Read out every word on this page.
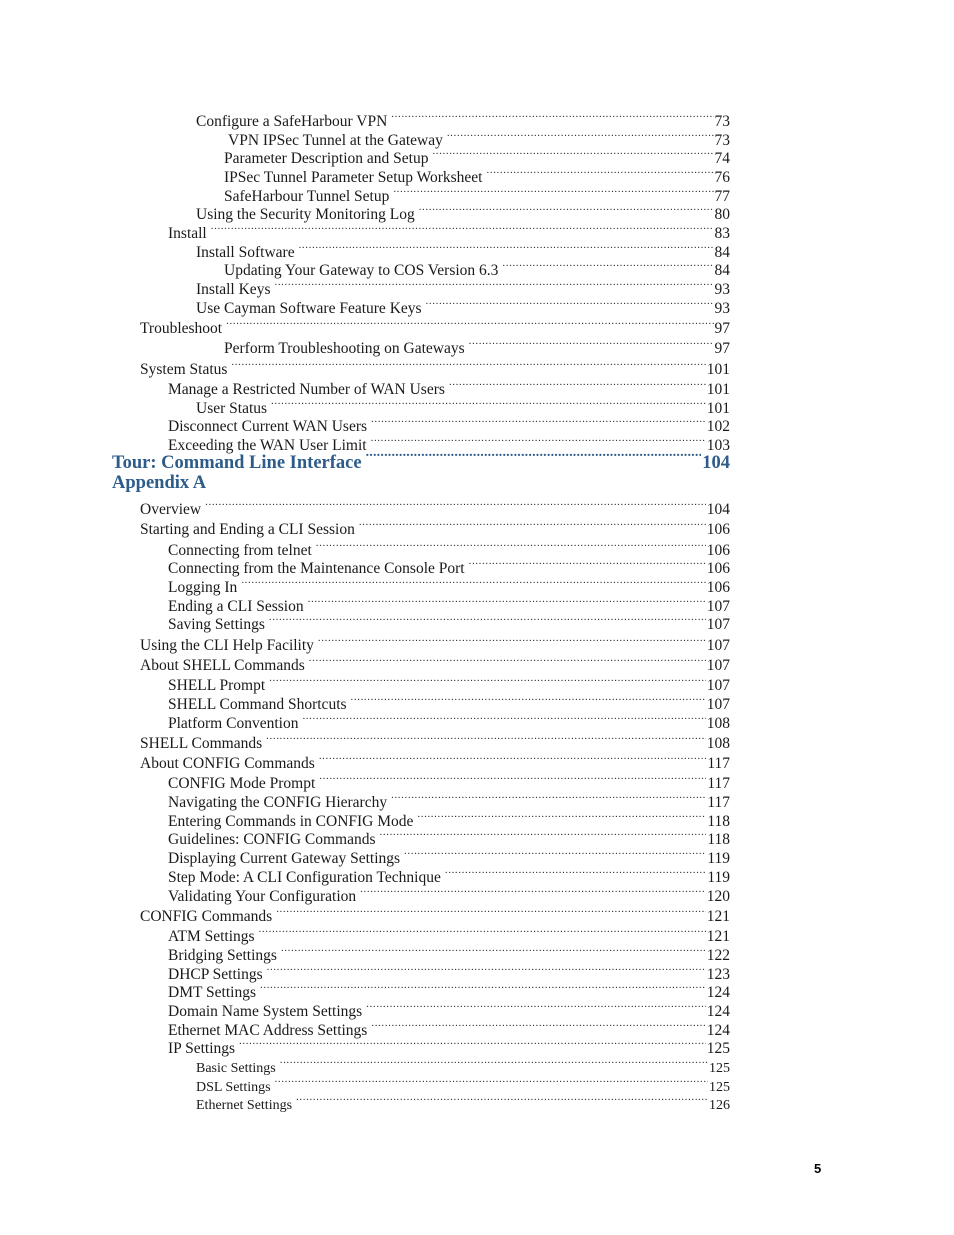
Configure a SafeHarbour VPN .....	73
VPN IPSec Tunnel at the Gateway .....	73
Parameter Description and Setup .....	74
IPSec Tunnel Parameter Setup Worksheet .....	76
SafeHarbour Tunnel Setup .....	77
Using the Security Monitoring Log .....	80
Install .....	83
Install Software .....	84
Updating Your Gateway to COS Version 6.3 .....	84
Install Keys .....	93
Use Cayman Software Feature Keys .....	93
Troubleshoot .....	97
Perform Troubleshooting on Gateways .....	97
System Status .....	101
Manage a Restricted Number of WAN Users .....	101
User Status .....	101
Disconnect Current WAN Users .....	102
Exceeding the WAN User Limit .....	103
Tour: Command Line Interface .....	104
Appendix A
Overview .....	104
Starting and Ending a CLI Session .....	106
Connecting from telnet .....	106
Connecting from the Maintenance Console Port .....	106
Logging In .....	106
Ending a CLI Session .....	107
Saving Settings .....	107
Using the CLI Help Facility .....	107
About SHELL Commands .....	107
SHELL Prompt .....	107
SHELL Command Shortcuts .....	107
Platform Convention .....	108
SHELL Commands .....	108
About CONFIG Commands .....	117
CONFIG Mode Prompt .....	117
Navigating the CONFIG Hierarchy .....	117
Entering Commands in CONFIG Mode .....	118
Guidelines: CONFIG Commands .....	118
Displaying Current Gateway Settings .....	119
Step Mode: A CLI Configuration Technique .....	119
Validating Your Configuration .....	120
CONFIG Commands .....	121
ATM Settings .....	121
Bridging Settings .....	122
DHCP Settings .....	123
DMT Settings .....	124
Domain Name System Settings .....	124
Ethernet MAC Address Settings .....	124
IP Settings .....	125
Basic Settings .....	125
DSL Settings .....	125
Ethernet Settings .....	126
5
